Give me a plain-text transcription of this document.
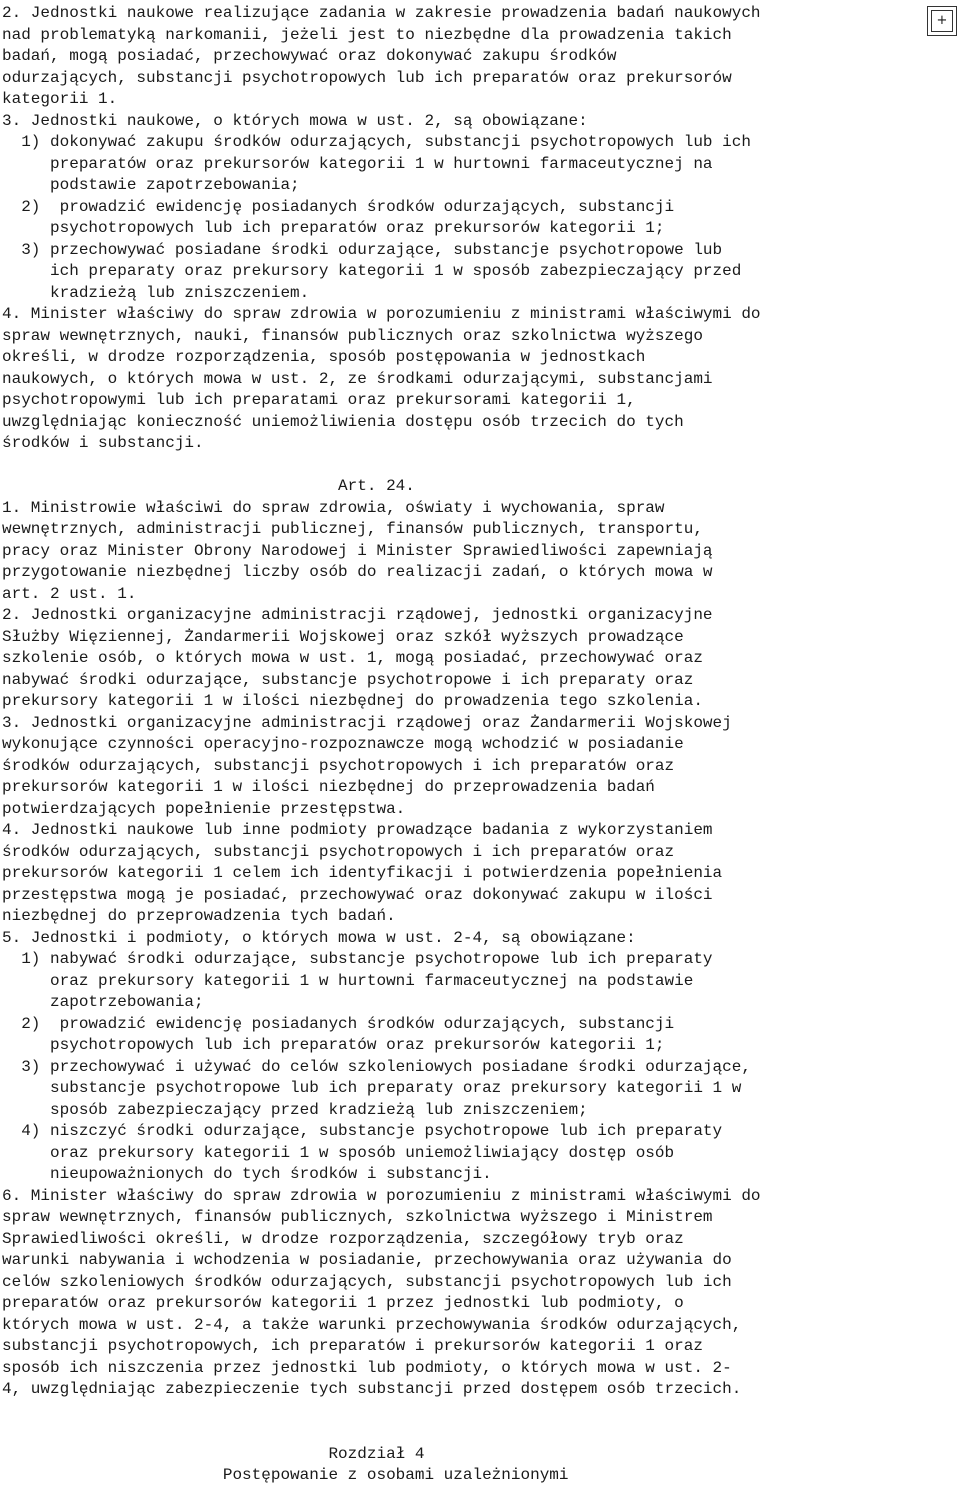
+
2. Jednostki naukowe realizujące zadania w zakresie prowadzenia badań naukowych
nad problematyką narkomanii, jeżeli jest to niezbędne dla prowadzenia takich
badań, mogą posiadać, przechowywać oraz dokonywać zakupu środków
odurzających, substancji psychotropowych lub ich preparatów oraz prekursorów
kategorii 1.
3. Jednostki naukowe, o których mowa w ust. 2, są obowiązane:
1) dokonywać zakupu środków odurzających, substancji psychotropowych lub ich
preparatów oraz prekursorów kategorii 1 w hurtowni farmaceutycznej na
podstawie zapotrzebowania;
2)  prowadzić ewidencję posiadanych środków odurzających, substancji
psychotropowych lub ich preparatów oraz prekursorów kategorii 1;
3) przechowywać posiadane środki odurzające, substancje psychotropowe lub
ich preparaty oraz prekursory kategorii 1 w sposób zabezpieczający przed
kradzieżą lub zniszczeniem.
4. Minister właściwy do spraw zdrowia w porozumieniu z ministrami właściwymi do
spraw wewnętrznych, nauki, finansów publicznych oraz szkolnictwa wyższego
określi, w drodze rozporządzenia, sposób postępowania w jednostkach
naukowych, o których mowa w ust. 2, ze środkami odurzającymi, substancjami
psychotropowymi lub ich preparatami oraz prekursorami kategorii 1,
uwzględniając konieczność uniemożliwienia dostępu osób trzecich do tych
środków i substancji.
Art. 24.
1. Ministrowie właściwi do spraw zdrowia, oświaty i wychowania, spraw
wewnętrznych, administracji publicznej, finansów publicznych, transportu,
pracy oraz Minister Obrony Narodowej i Minister Sprawiedliwości zapewniają
przygotowanie niezbędnej liczby osób do realizacji zadań, o których mowa w
art. 2 ust. 1.
2. Jednostki organizacyjne administracji rządowej, jednostki organizacyjne
Służby Więziennej, Żandarmerii Wojskowej oraz szkół wyższych prowadzące
szkolenie osób, o których mowa w ust. 1, mogą posiadać, przechowywać oraz
nabywać środki odurzające, substancje psychotropowe i ich preparaty oraz
prekursory kategorii 1 w ilości niezbędnej do prowadzenia tego szkolenia.
3. Jednostki organizacyjne administracji rządowej oraz Żandarmerii Wojskowej
wykonujące czynności operacyjno-rozpoznawcze mogą wchodzić w posiadanie
środków odurzających, substancji psychotropowych i ich preparatów oraz
prekursorów kategorii 1 w ilości niezbędnej do przeprowadzenia badań
potwierdzających popełnienie przestępstwa.
4. Jednostki naukowe lub inne podmioty prowadzące badania z wykorzystaniem
środków odurzających, substancji psychotropowych i ich preparatów oraz
prekursorów kategorii 1 celem ich identyfikacji i potwierdzenia popełnienia
przestępstwa mogą je posiadać, przechowywać oraz dokonywać zakupu w ilości
niezbędnej do przeprowadzenia tych badań.
5. Jednostki i podmioty, o których mowa w ust. 2-4, są obowiązane:
1) nabywać środki odurzające, substancje psychotropowe lub ich preparaty
oraz prekursory kategorii 1 w hurtowni farmaceutycznej na podstawie
zapotrzebowania;
2)  prowadzić ewidencję posiadanych środków odurzających, substancji
psychotropowych lub ich preparatów oraz prekursorów kategorii 1;
3) przechowywać i używać do celów szkoleniowych posiadane środki odurzające,
substancje psychotropowe lub ich preparaty oraz prekursory kategorii 1 w
sposób zabezpieczający przed kradzieżą lub zniszczeniem;
4) niszczyć środki odurzające, substancje psychotropowe lub ich preparaty
oraz prekursory kategorii 1 w sposób uniemożliwiający dostęp osób
nieupoważnionych do tych środków i substancji.
6. Minister właściwy do spraw zdrowia w porozumieniu z ministrami właściwymi do
spraw wewnętrznych, finansów publicznych, szkolnictwa wyższego i Ministrem
Sprawiedliwości określi, w drodze rozporządzenia, szczegółowy tryb oraz
warunki nabywania i wchodzenia w posiadanie, przechowywania oraz używania do
celów szkoleniowych środków odurzających, substancji psychotropowych lub ich
preparatów oraz prekursorów kategorii 1 przez jednostki lub podmioty, o
których mowa w ust. 2-4, a także warunki przechowywania środków odurzających,
substancji psychotropowych, ich preparatów i prekursorów kategorii 1 oraz
sposób ich niszczenia przez jednostki lub podmioty, o których mowa w ust. 2-
4, uwzględniając zabezpieczenie tych substancji przed dostępem osób trzecich.
Rozdział 4
Postępowanie z osobami uzależnionymi
